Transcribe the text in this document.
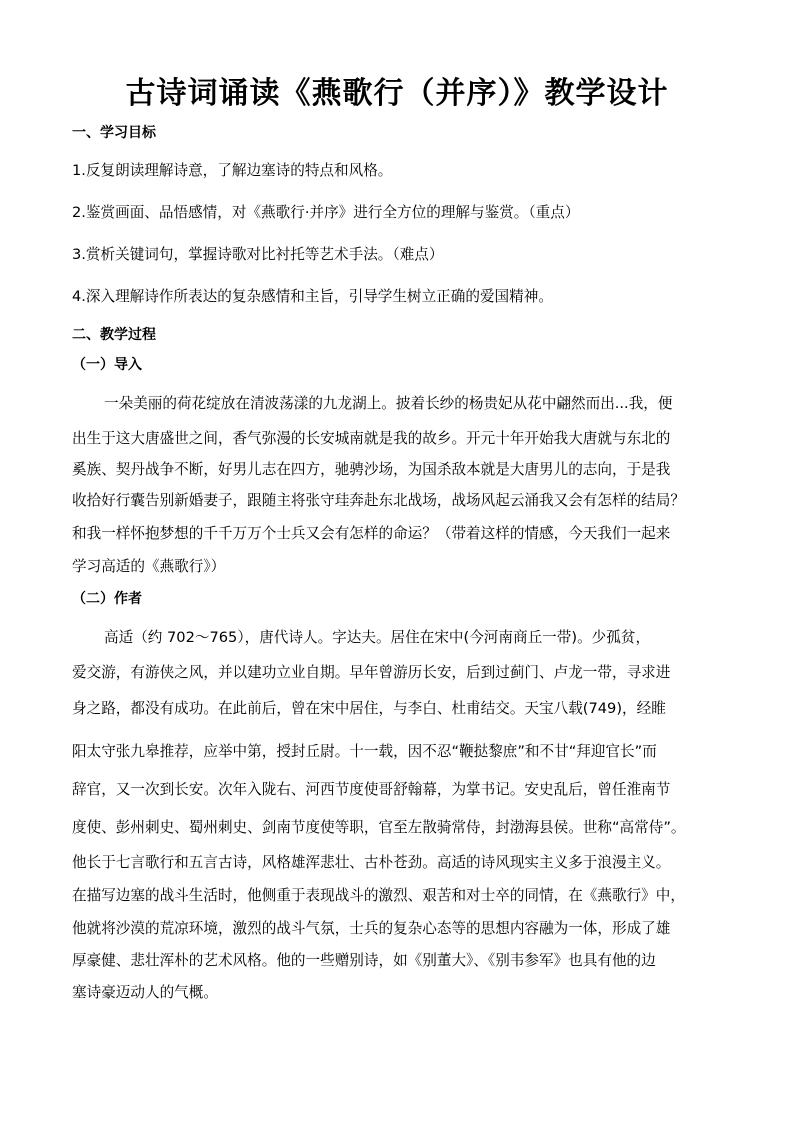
古诗词诵读《燕歌行（并序）》教学设计
一、学习目标
1.反复朗读理解诗意，了解边塞诗的特点和风格。
2.鉴赏画面、品悟感情，对《燕歌行·并序》进行全方位的理解与鉴赏。（重点）
3.赏析关键词句，掌握诗歌对比衬托等艺术手法。（难点）
4.深入理解诗作所表达的复杂感情和主旨，引导学生树立正确的爱国精神。
二、教学过程
（一）导入
一朵美丽的荷花绽放在清波荡漾的九龙湖上。披着长纱的杨贵妃从花中翩然而出...我，便
出生于这大唐盛世之间，香气弥漫的长安城南就是我的故乡。开元十年开始我大唐就与东北的
奚族、契丹战争不断，好男儿志在四方，驰骋沙场，为国杀敌本就是大唐男儿的志向，于是我
收拾好行囊告别新婚妻子，跟随主将张守珪奔赴东北战场，战场风起云涌我又会有怎样的结局？
和我一样怀抱梦想的千千万万个士兵又会有怎样的命运？（带着这样的情感，今天我们一起来
学习高适的《燕歌行》）
（二）作者
高适（约 702～765），唐代诗人。字达夫。居住在宋中(今河南商丘一带)。少孤贫，
爱交游，有游侠之风，并以建功立业自期。早年曾游历长安，后到过蓟门、卢龙一带，寻求进
身之路，都没有成功。在此前后，曾在宋中居住，与李白、杜甫结交。天宝八载(749)，经睢
阳太守张九皋推荐，应举中第，授封丘尉。十一载，因不忍“鞭挞黎庶”和不甘“拜迎官长”而
辞官，又一次到长安。次年入陇右、河西节度使哥舒翰幕，为掌书记。安史乱后，曾任淮南节
度使、彭州刺史、蜀州刺史、剑南节度使等职，官至左散骑常侍，封渤海县侯。世称“高常侍”。
他长于七言歌行和五言古诗，风格雄浑悲壮、古朴苍劲。高适的诗风现实主义多于浪漫主义。
在描写边塞的战斗生活时，他侧重于表现战斗的激烈、艰苦和对士卒的同情，在《燕歌行》中，
他就将沙漠的荒凉环境，激烈的战斗气氛，士兵的复杂心态等的思想内容融为一体，形成了雄
厚豪健、悲壮浑朴的艺术风格。他的一些赠别诗，如《别董大》、《别韦参军》也具有他的边
塞诗豪迈动人的气概。
